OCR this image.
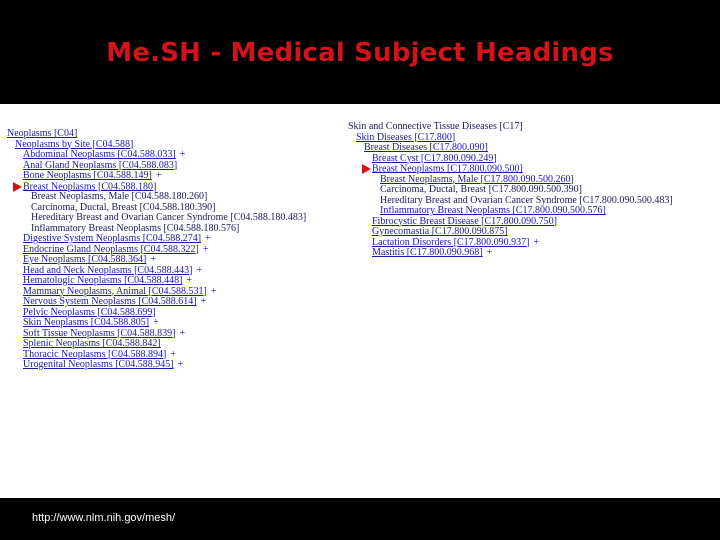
Me.SH - Medical Subject Headings
Neoplasms [C04]
Neoplasms by Site [C04.588]
Abdominal Neoplasms [C04.588.033] +
Anal Gland Neoplasms [C04.588.083]
Bone Neoplasms [C04.588.149] +
Breast Neoplasms [C04.588.180]
Breast Neoplasms, Male [C04.588.180.260]
Carcinoma, Ductal, Breast [C04.588.180.390]
Hereditary Breast and Ovarian Cancer Syndrome [C04.588.180.483]
Inflammatory Breast Neoplasms [C04.588.180.576]
Digestive System Neoplasms [C04.588.274] +
Endocrine Gland Neoplasms [C04.588.322] +
Eye Neoplasms [C04.588.364] +
Head and Neck Neoplasms [C04.588.443] +
Hematologic Neoplasms [C04.588.448] +
Mammary Neoplasms, Animal [C04.588.531] +
Nervous System Neoplasms [C04.588.614] +
Pelvic Neoplasms [C04.588.699]
Skin Neoplasms [C04.588.805] +
Soft Tissue Neoplasms [C04.588.839] +
Splenic Neoplasms [C04.588.842]
Thoracic Neoplasms [C04.588.894] +
Urogenital Neoplasms [C04.588.945] +
Skin and Connective Tissue Diseases [C17]
Skin Diseases [C17.800]
Breast Diseases [C17.800.090]
Breast Cyst [C17.800.090.249]
Breast Neoplasms [C17.800.090.500]
Breast Neoplasms, Male [C17.800.090.500.260]
Carcinoma, Ductal, Breast [C17.800.090.500.390]
Hereditary Breast and Ovarian Cancer Syndrome [C17.800.090.500.483]
Inflammatory Breast Neoplasms [C17.800.090.500.576]
Fibrocystic Breast Disease [C17.800.090.750]
Gynecomastia [C17.800.090.875]
Lactation Disorders [C17.800.090.937] +
Mastitis [C17.800.090.968] +
http://www.nlm.nih.gov/mesh/
